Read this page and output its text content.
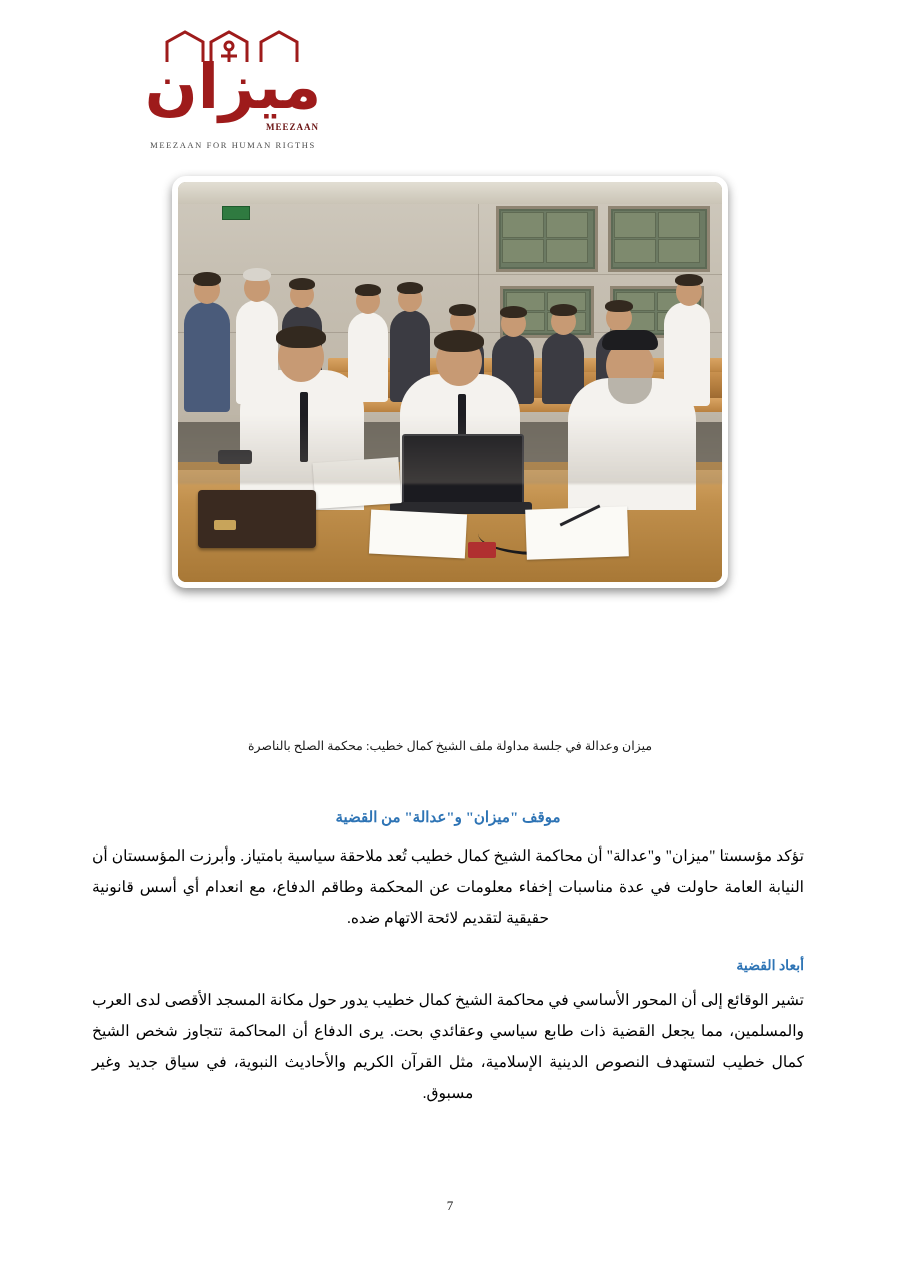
ميزان
MEEZAAN
MEEZAAN FOR HUMAN RIGTHS
ميزان وعدالة في جلسة مداولة ملف الشيخ كمال خطيب: محكمة الصلح بالناصرة
موقف "ميزان" و"عدالة" من القضية

تؤكد مؤسستا "ميزان" و"عدالة" أن محاكمة الشيخ كمال خطيب تُعد ملاحقة سياسية بامتياز. وأبرزت المؤسستان أن النيابة العامة حاولت في عدة مناسبات إخفاء معلومات عن المحكمة وطاقم الدفاع، مع انعدام أي أسس قانونية حقيقية لتقديم لائحة الاتهام ضده.

أبعاد القضية

تشير الوقائع إلى أن المحور الأساسي في محاكمة الشيخ كمال خطيب يدور حول مكانة المسجد الأقصى لدى العرب والمسلمين، مما يجعل القضية ذات طابع سياسي وعقائدي بحت. يرى الدفاع أن المحاكمة تتجاوز شخص الشيخ كمال خطيب لتستهدف النصوص الدينية الإسلامية، مثل القرآن الكريم والأحاديث النبوية، في سياق جديد وغير مسبوق.

7
